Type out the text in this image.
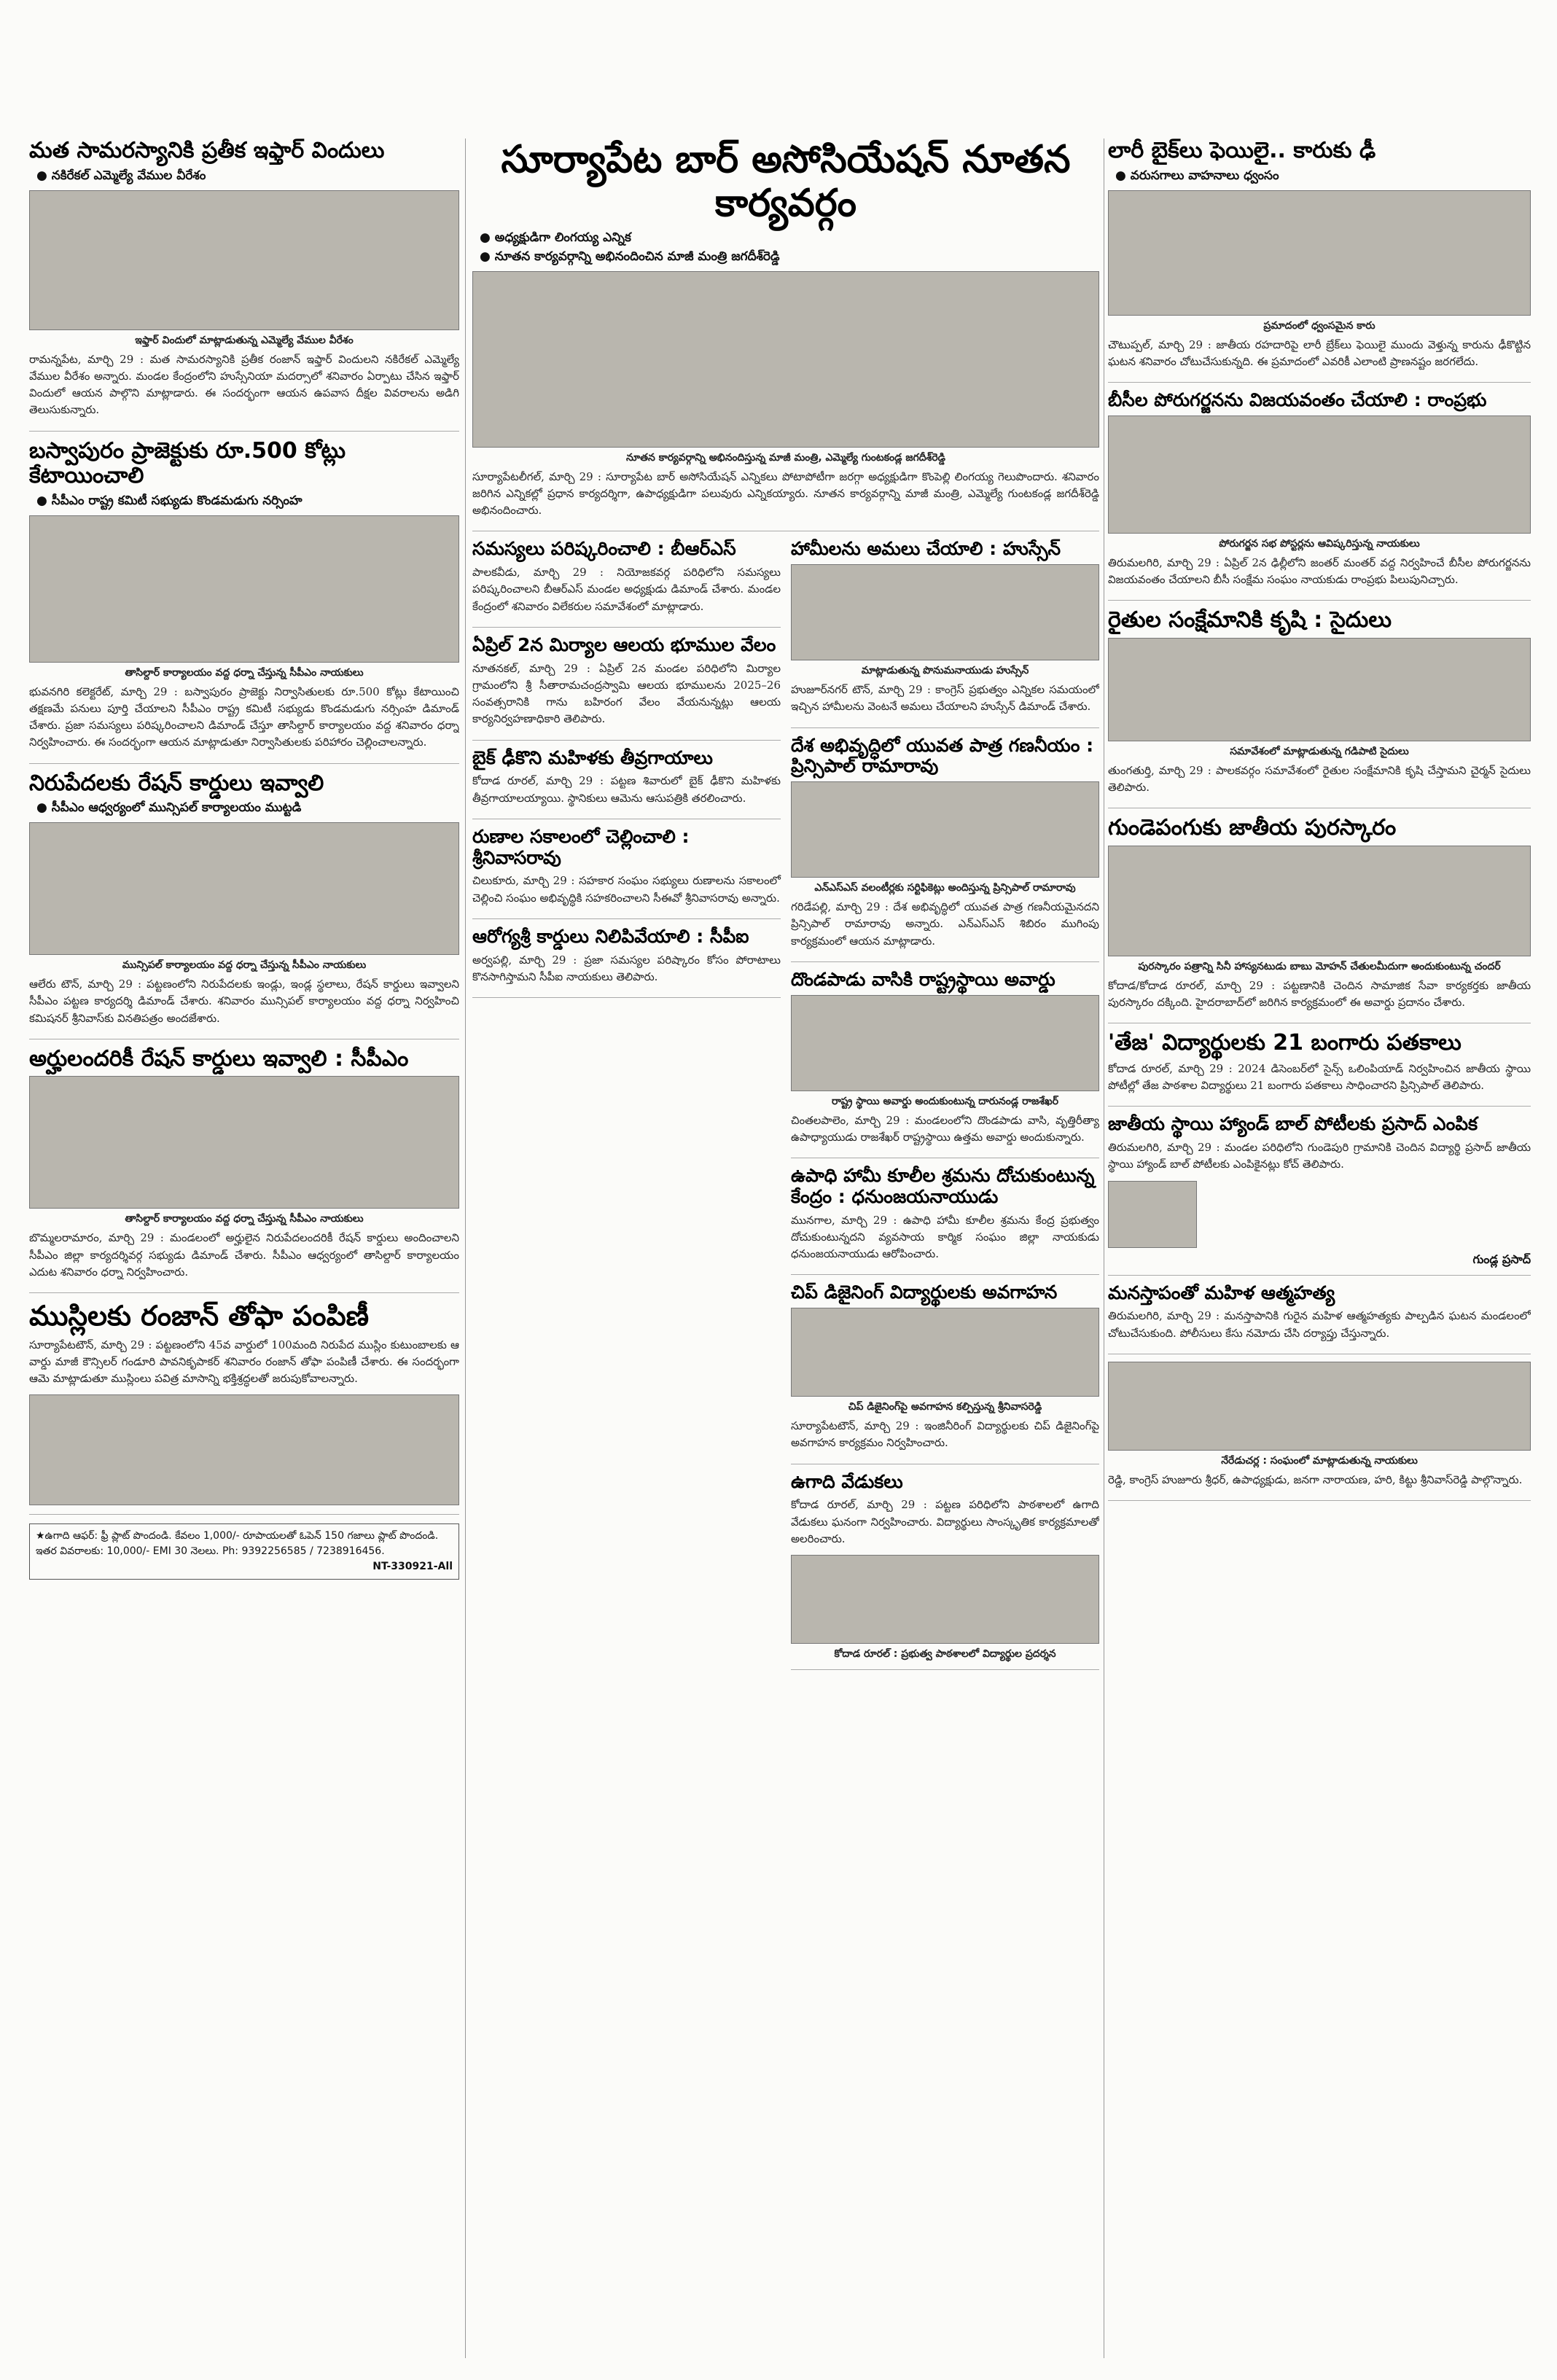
మత సామరస్యానికి ప్రతీక ఇఫ్తార్ విందులు
● నకిరేకల్ ఎమ్మెల్యే వేముల వీరేశం
ఇఫ్తార్ విందులో మాట్లాడుతున్న ఎమ్మెల్యే వేముల వీరేశం

రామన్నపేట, మార్చి 29 : మత సామరస్యానికి ప్రతీక రంజాన్ ఇఫ్తార్ విందులని నకిరేకల్ ఎమ్మెల్యే వేముల వీరేశం అన్నారు. మండల కేంద్రంలోని హుస్సేనియా మదర్సాలో శనివారం ఏర్పాటు చేసిన ఇఫ్తార్ విందులో ఆయన పాల్గొని మాట్లాడారు. ఈ సందర్భంగా ఆయన ఉపవాస దీక్షల వివరాలను అడిగి తెలుసుకున్నారు.

బస్వాపురం ప్రాజెక్టుకు రూ.500 కోట్లు కేటాయించాలి
● సీపీఎం రాష్ట్ర కమిటీ సభ్యుడు కొండమడుగు నర్సింహ
తాసిల్దార్ కార్యాలయం వద్ద ధర్నా చేస్తున్న సీపీఎం నాయకులు

భువనగిరి కలెక్టరేట్, మార్చి 29 : బస్వాపురం ప్రాజెక్టు నిర్వాసితులకు రూ.500 కోట్లు కేటాయించి తక్షణమే పనులు పూర్తి చేయాలని సీపీఎం రాష్ట్ర కమిటీ సభ్యుడు కొండమడుగు నర్సింహ డిమాండ్ చేశారు. ప్రజా సమస్యలు పరిష్కరించాలని డిమాండ్ చేస్తూ తాసిల్దార్ కార్యాలయం వద్ద శనివారం ధర్నా నిర్వహించారు. ఈ సందర్భంగా ఆయన మాట్లాడుతూ నిర్వాసితులకు పరిహారం చెల్లించాలన్నారు.

నిరుపేదలకు రేషన్ కార్డులు ఇవ్వాలి
● సీపీఎం ఆధ్వర్యంలో మున్సిపల్ కార్యాలయం ముట్టడి
మున్సిపల్ కార్యాలయం వద్ద ధర్నా చేస్తున్న సీపీఎం నాయకులు

ఆలేరు టౌన్, మార్చి 29 : పట్టణంలోని నిరుపేదలకు ఇండ్లు, ఇండ్ల స్థలాలు, రేషన్ కార్డులు ఇవ్వాలని సీపీఎం పట్టణ కార్యదర్శి డిమాండ్ చేశారు. శనివారం మున్సిపల్ కార్యాలయం వద్ద ధర్నా నిర్వహించి కమిషనర్ శ్రీనివాస్‌కు వినతిపత్రం అందజేశారు.

అర్హులందరికీ రేషన్ కార్డులు ఇవ్వాలి : సీపీఎం
తాసిల్దార్ కార్యాలయం వద్ద ధర్నా చేస్తున్న సీపీఎం నాయకులు

బొమ్మలరామారం, మార్చి 29 : మండలంలో అర్హులైన నిరుపేదలందరికీ రేషన్ కార్డులు అందించాలని సీపీఎం జిల్లా కార్యదర్శివర్గ సభ్యుడు డిమాండ్ చేశారు. సీపీఎం ఆధ్వర్యంలో తాసిల్దార్ కార్యాలయం ఎదుట శనివారం ధర్నా నిర్వహించారు.

ముస్లిలకు రంజాన్ తోఫా పంపిణీ

సూర్యాపేటటౌన్, మార్చి 29 : పట్టణంలోని 45వ వార్డులో 100మంది నిరుపేద ముస్లిం కుటుంబాలకు ఆ వార్డు మాజీ కౌన్సిలర్ గండూరి పావనికృపాకర్ శనివారం రంజాన్ తోఫా పంపిణీ చేశారు. ఈ సందర్భంగా ఆమె మాట్లాడుతూ ముస్లింలు పవిత్ర మాసాన్ని భక్తిశ్రద్ధలతో జరుపుకోవాలన్నారు.

★ఉగాది ఆఫర్: ఫ్రీ ప్లాట్ పొందండి. కేవలం 1,000/- రూపాయలతో ఓపెన్ 150 గజాలు ప్లాట్ పొందండి. ఇతర వివరాలకు: 10,000/- EMI 30 నెలలు. Ph: 9392256585 / 7238916456.
NT-330921-All
సూర్యాపేట బార్ అసోసియేషన్ నూతన కార్యవర్గం
● అధ్యక్షుడిగా లింగయ్య ఎన్నిక
● నూతన కార్యవర్గాన్ని అభినందించిన మాజీ మంత్రి జగదీశ్‌రెడ్డి
నూతన కార్యవర్గాన్ని అభినందిస్తున్న మాజీ మంత్రి, ఎమ్మెల్యే గుంటకండ్ల జగదీశ్‌రెడ్డి

సూర్యాపేటలీగల్, మార్చి 29 : సూర్యాపేట బార్ అసోసియేషన్ ఎన్నికలు పోటాపోటీగా జరగ్గా అధ్యక్షుడిగా కొంపెల్లి లింగయ్య గెలుపొందారు. శనివారం జరిగిన ఎన్నికల్లో ప్రధాన కార్యదర్శిగా, ఉపాధ్యక్షుడిగా పలువురు ఎన్నికయ్యారు. నూతన కార్యవర్గాన్ని మాజీ మంత్రి, ఎమ్మెల్యే గుంటకండ్ల జగదీశ్‌రెడ్డి అభినందించారు.

సమస్యలు పరిష్కరించాలి : బీఆర్ఎస్

పాలకవీడు, మార్చి 29 : నియోజకవర్గ పరిధిలోని సమస్యలు పరిష్కరించాలని బీఆర్ఎస్ మండల అధ్యక్షుడు డిమాండ్ చేశారు. మండల కేంద్రంలో శనివారం విలేకరుల సమావేశంలో మాట్లాడారు.

ఏప్రిల్ 2న మిర్యాల ఆలయ భూముల వేలం

నూతనకల్, మార్చి 29 : ఏప్రిల్ 2న మండల పరిధిలోని మిర్యాల గ్రామంలోని శ్రీ సీతారామచంద్రస్వామి ఆలయ భూములను 2025–26 సంవత్సరానికి గాను బహిరంగ వేలం వేయనున్నట్లు ఆలయ కార్యనిర్వహణాధికారి తెలిపారు.

బైక్ ఢీకొని మహిళకు తీవ్రగాయాలు

కోదాడ రూరల్, మార్చి 29 : పట్టణ శివారులో బైక్ ఢీకొని మహిళకు తీవ్రగాయాలయ్యాయి. స్థానికులు ఆమెను ఆసుపత్రికి తరలించారు.

రుణాల సకాలంలో చెల్లించాలి : శ్రీనివాసరావు

చిలుకూరు, మార్చి 29 : సహకార సంఘం సభ్యులు రుణాలను సకాలంలో చెల్లించి సంఘం అభివృద్ధికి సహకరించాలని సీఈవో శ్రీనివాసరావు అన్నారు.

ఆరోగ్యశ్రీ కార్డులు నిలిపివేయాలి : సీపీఐ

అర్వపల్లి, మార్చి 29 : ప్రజా సమస్యల పరిష్కారం కోసం పోరాటాలు కొనసాగిస్తామని సీపీఐ నాయకులు తెలిపారు.

హామీలను అమలు చేయాలి : హుస్సేన్
మాట్లాడుతున్న పొనుమనాయుడు హుస్సేన్

హుజూర్‌నగర్ టౌన్, మార్చి 29 : కాంగ్రెస్ ప్రభుత్వం ఎన్నికల సమయంలో ఇచ్చిన హామీలను వెంటనే అమలు చేయాలని హుస్సేన్ డిమాండ్ చేశారు.

దేశ అభివృద్ధిలో యువత పాత్ర గణనీయం : ప్రిన్సిపాల్ రామారావు
ఎన్ఎస్ఎస్ వలంటీర్లకు సర్టిఫికెట్లు అందిస్తున్న ప్రిన్సిపాల్ రామారావు

గరిడేపల్లి, మార్చి 29 : దేశ అభివృద్ధిలో యువత పాత్ర గణనీయమైనదని ప్రిన్సిపాల్ రామారావు అన్నారు. ఎన్ఎస్ఎస్ శిబిరం ముగింపు కార్యక్రమంలో ఆయన మాట్లాడారు.

దొండపాడు వాసికి రాష్ట్రస్థాయి అవార్డు
రాష్ట్ర స్థాయి అవార్డు అందుకుంటున్న దారునండ్ల రాజశేఖర్

చింతలపాలెం, మార్చి 29 : మండలంలోని దొండపాడు వాసి, వృత్తిరీత్యా ఉపాధ్యాయుడు రాజశేఖర్ రాష్ట్రస్థాయి ఉత్తమ అవార్డు అందుకున్నారు.

ఉపాధి హామీ కూలీల శ్రమను దోచుకుంటున్న కేంద్రం : ధనుంజయనాయుడు

మునగాల, మార్చి 29 : ఉపాధి హామీ కూలీల శ్రమను కేంద్ర ప్రభుత్వం దోచుకుంటున్నదని వ్యవసాయ కార్మిక సంఘం జిల్లా నాయకుడు ధనుంజయనాయుడు ఆరోపించారు.

చిప్ డిజైనింగ్ విద్యార్థులకు అవగాహన
చిప్ డిజైనింగ్‌పై అవగాహన కల్పిస్తున్న శ్రీనివాసరెడ్డి

సూర్యాపేటటౌన్, మార్చి 29 : ఇంజినీరింగ్ విద్యార్థులకు చిప్ డిజైనింగ్‌పై అవగాహన కార్యక్రమం నిర్వహించారు.

ఉగాది వేడుకలు

కోదాడ రూరల్, మార్చి 29 : పట్టణ పరిధిలోని పాఠశాలలో ఉగాది వేడుకలు ఘనంగా నిర్వహించారు. విద్యార్థులు సాంస్కృతిక కార్యక్రమాలతో అలరించారు.

కోదాడ రూరల్ : ప్రభుత్వ పాఠశాలలో విద్యార్థుల ప్రదర్శన
లారీ బైక్‌లు ఫెయిలై.. కారుకు ఢీ
● వరుసగాలు వాహనాలు ధ్వంసం
ప్రమాదంలో ధ్వంసమైన కారు

చౌటుప్పల్, మార్చి 29 : జాతీయ రహదారిపై లారీ బ్రేక్‌లు ఫెయిలై ముందు వెళ్తున్న కారును ఢీకొట్టిన ఘటన శనివారం చోటుచేసుకున్నది. ఈ ప్రమాదంలో ఎవరికీ ఎలాంటి ప్రాణనష్టం జరగలేదు.

బీసీల పోరుగర్జనను విజయవంతం చేయాలి : రాంప్రభు
పోరుగర్జన సభ పోస్టర్లను ఆవిష్కరిస్తున్న నాయకులు

తిరుమలగిరి, మార్చి 29 : ఏప్రిల్ 2న ఢిల్లీలోని జంతర్ మంతర్ వద్ద నిర్వహించే బీసీల పోరుగర్జనను విజయవంతం చేయాలని బీసీ సంక్షేమ సంఘం నాయకుడు రాంప్రభు పిలుపునిచ్చారు.

రైతుల సంక్షేమానికి కృషి : సైదులు
సమావేశంలో మాట్లాడుతున్న గడిపాటి సైదులు

తుంగతుర్తి, మార్చి 29 : పాలకవర్గం సమావేశంలో రైతుల సంక్షేమానికి కృషి చేస్తామని చైర్మన్ సైదులు తెలిపారు.

గుండెపంగుకు జాతీయ పురస్కారం
పురస్కారం పత్రాన్ని సినీ హాస్యనటుడు బాబు మోహన్ చేతులమీదుగా అందుకుంటున్న చందర్

కోదాడ/కోదాడ రూరల్, మార్చి 29 : పట్టణానికి చెందిన సామాజిక సేవా కార్యకర్తకు జాతీయ పురస్కారం దక్కింది. హైదరాబాద్‌లో జరిగిన కార్యక్రమంలో ఈ అవార్డు ప్రదానం చేశారు.

'తేజ' విద్యార్థులకు 21 బంగారు పతకాలు

కోదాడ రూరల్, మార్చి 29 : 2024 డిసెంబర్‌లో సైన్స్ ఒలింపియాడ్ నిర్వహించిన జాతీయ స్థాయి పోటీల్లో తేజ పాఠశాల విద్యార్థులు 21 బంగారు పతకాలు సాధించారని ప్రిన్సిపాల్ తెలిపారు.

జాతీయ స్థాయి హ్యాండ్ బాల్ పోటీలకు ప్రసాద్ ఎంపిక

తిరుమలగిరి, మార్చి 29 : మండల పరిధిలోని గుండెపురి గ్రామానికి చెందిన విద్యార్థి ప్రసాద్ జాతీయ స్థాయి హ్యాండ్ బాల్ పోటీలకు ఎంపికైనట్లు కోచ్ తెలిపారు.

గుండ్ల ప్రసాద్
మనస్తాపంతో మహిళ ఆత్మహత్య

తిరుమలగిరి, మార్చి 29 : మనస్తాపానికి గురైన మహిళ ఆత్మహత్యకు పాల్పడిన ఘటన మండలంలో చోటుచేసుకుంది. పోలీసులు కేసు నమోదు చేసి దర్యాప్తు చేస్తున్నారు.

నేరేడుచర్ల : సంఘంలో మాట్లాడుతున్న నాయకులు

రెడ్డి, కాంగ్రెస్ హుజూరు శ్రీధర్, ఉపాధ్యక్షుడు, జనగా నారాయణ, హరి, కిట్టు శ్రీనివాస్‌రెడ్డి పాల్గొన్నారు.
